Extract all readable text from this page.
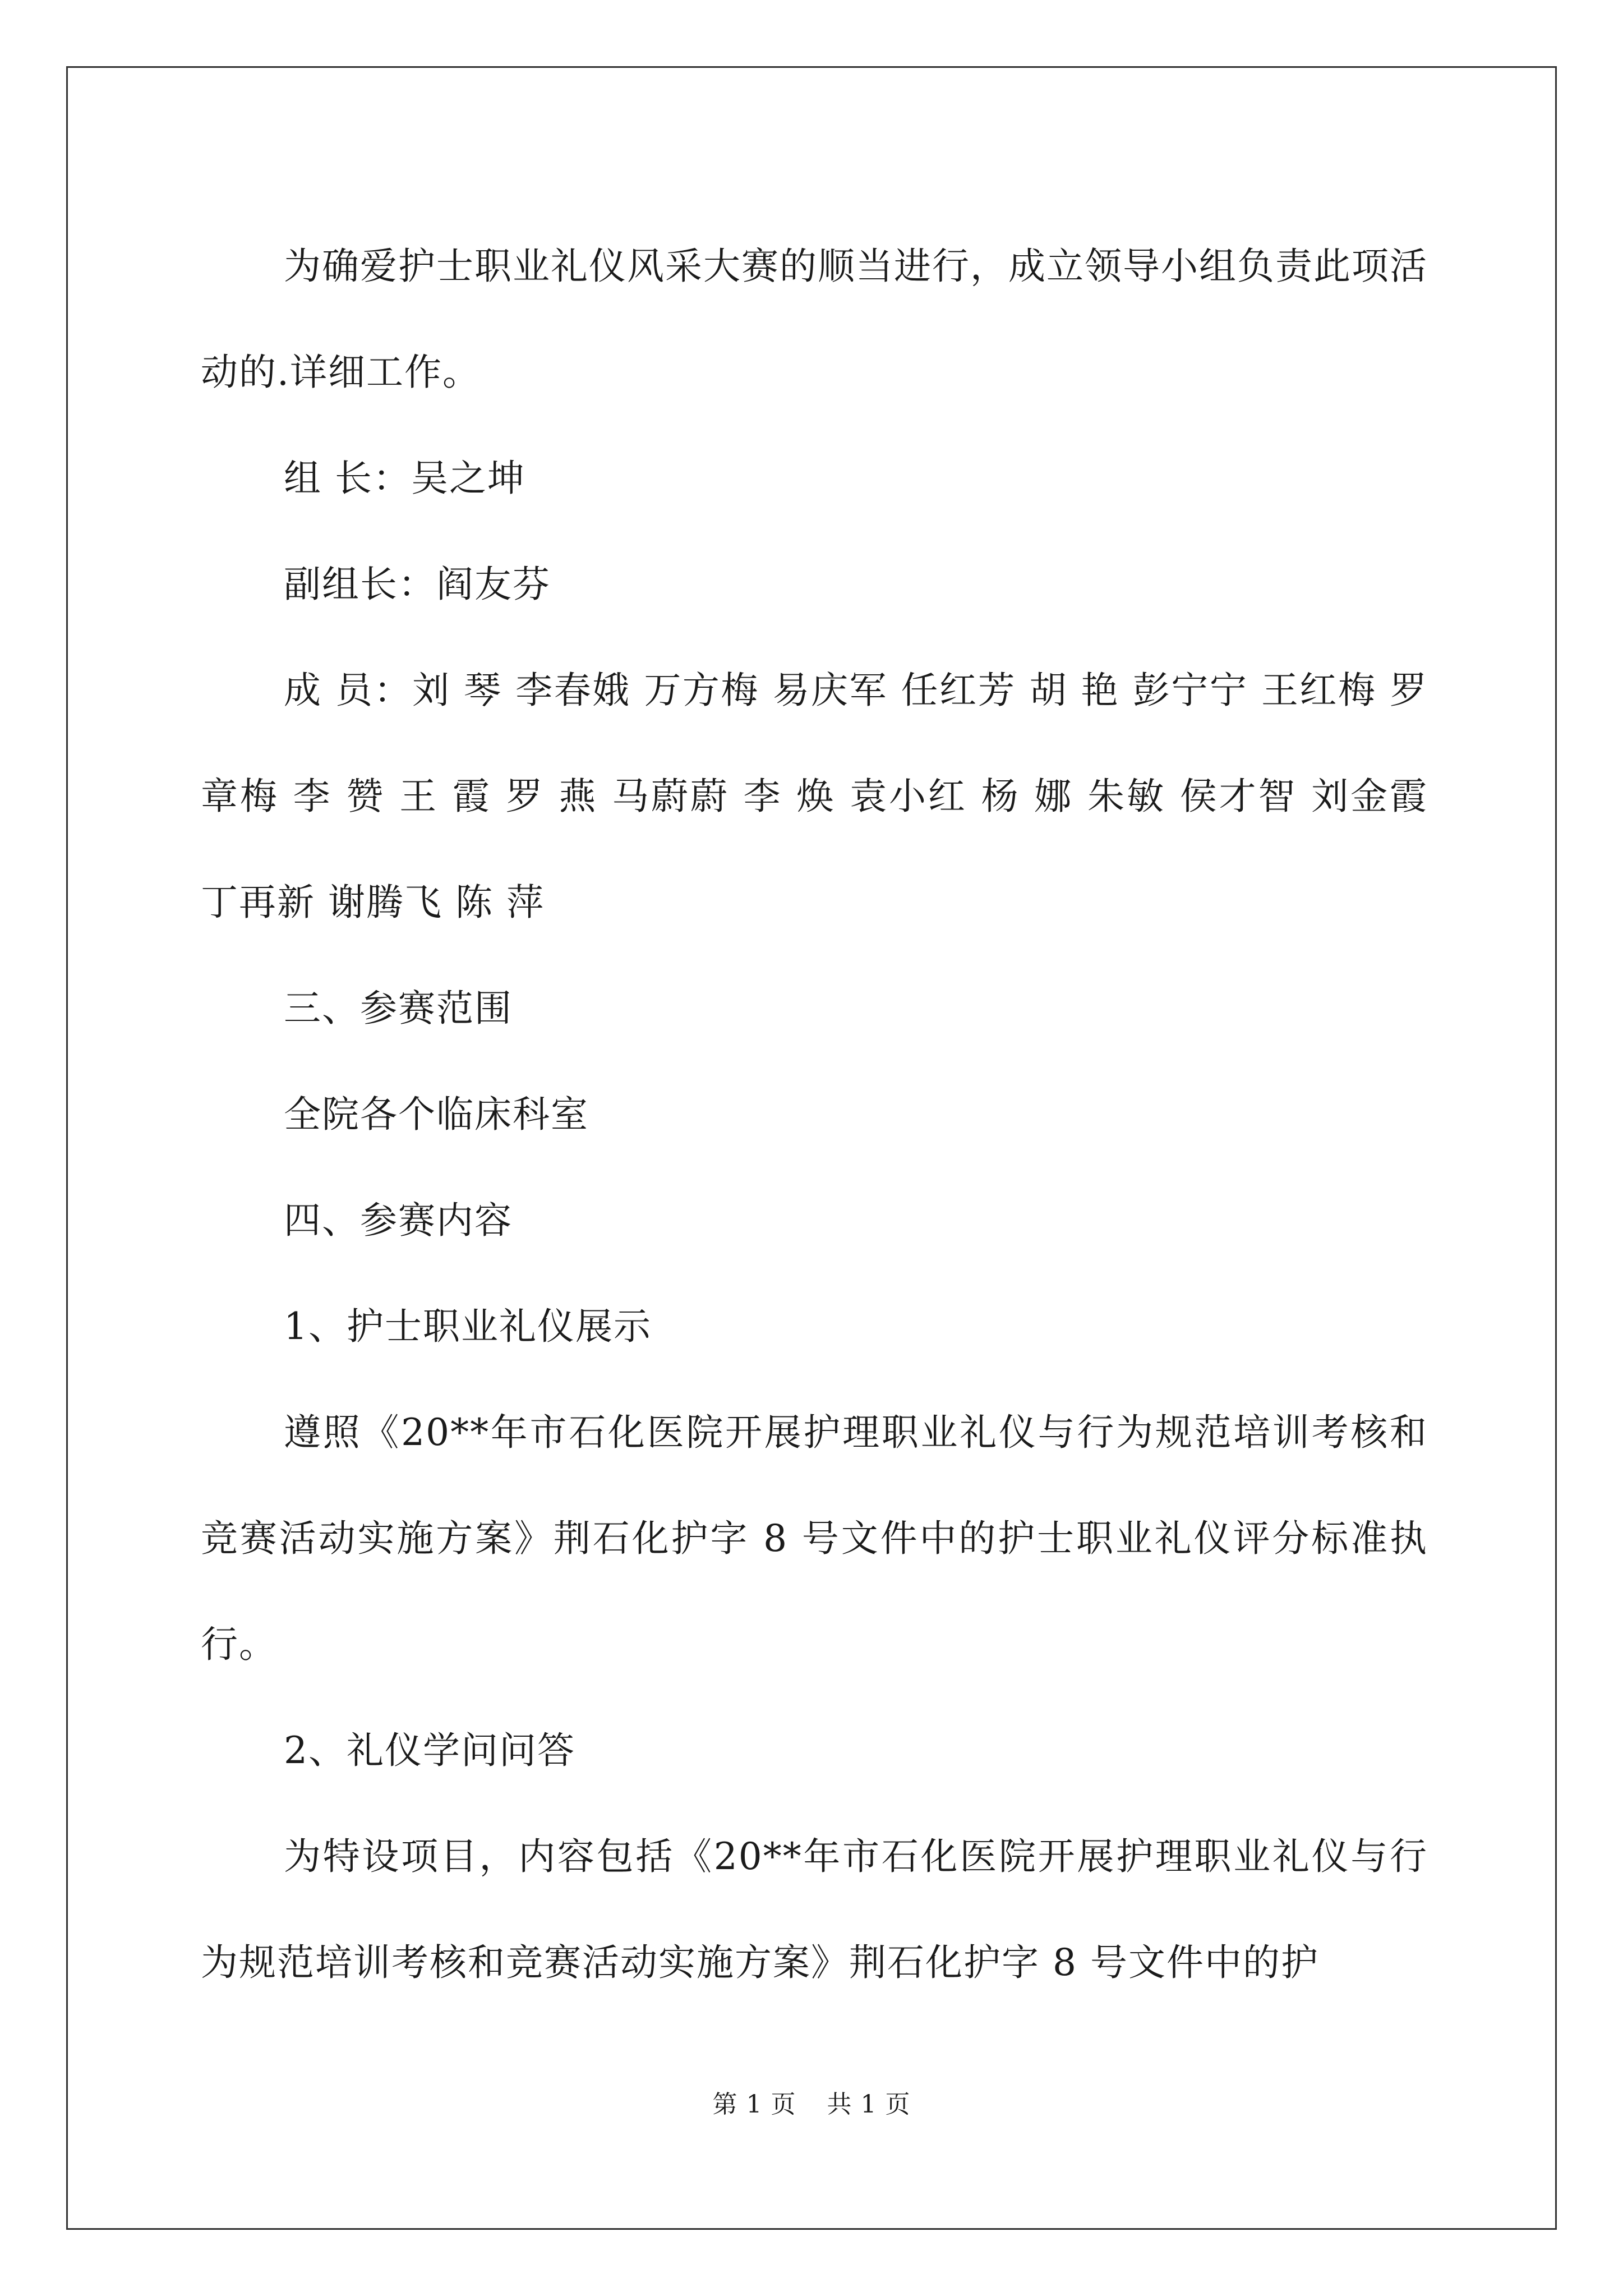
为确爱护士职业礼仪风采大赛的顺当进行，成立领导小组负责此项活动的.详细工作。

组 长：吴之坤

副组长：阎友芬

成 员：刘 琴 李春娥 万方梅 易庆军 任红芳 胡 艳 彭宁宁 王红梅 罗章梅 李 赞 王 霞 罗 燕 马蔚蔚 李 焕 袁小红 杨 娜 朱敏 侯才智 刘金霞 丁再新 谢腾飞 陈 萍

三、参赛范围

全院各个临床科室

四、参赛内容

1、护士职业礼仪展示

遵照《20**年市石化医院开展护理职业礼仪与行为规范培训考核和竞赛活动实施方案》荆石化护字 8 号文件中的护士职业礼仪评分标准执行。

2、礼仪学问问答

为特设项目，内容包括《20**年市石化医院开展护理职业礼仪与行为规范培训考核和竞赛活动实施方案》荆石化护字 8 号文件中的护

第 1 页 共 1 页
